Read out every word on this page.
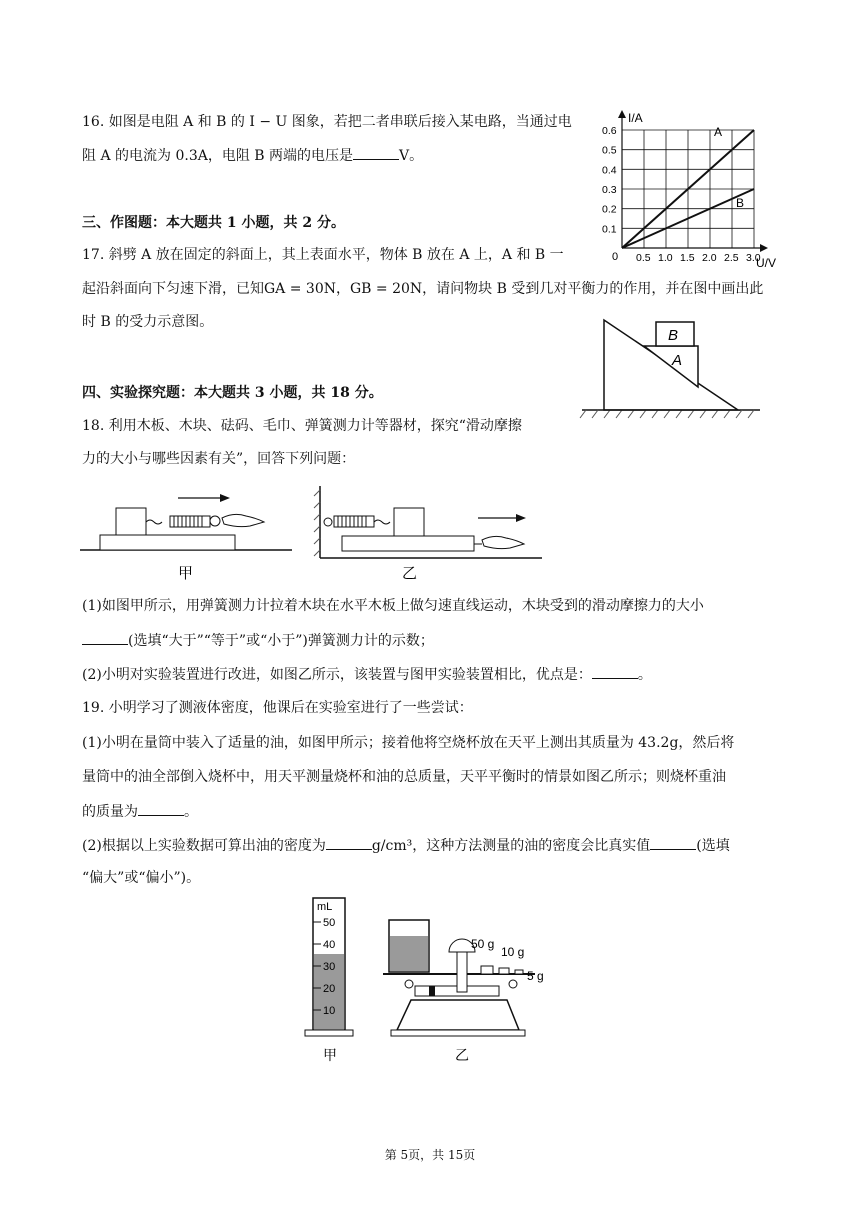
16. 如图是电阻 A 和 B 的 I − U 图象，若把二者串联后接入某电路，当通过电
阻 A 的电流为 0.3A，电阻 B 两端的电压是	V。
I/A
U/V
0 0.5 1.0 1.5 2.0 2.5 3.0
0.1
0.2
0.3
0.4
0.5
0.6	A
B
三、作图题：本大题共 1 小题，共 2 分。
17. 斜劈 A 放在固定的斜面上，其上表面水平，物体 B 放在 A 上，A 和 B 一
起沿斜面向下匀速下滑，已知GA = 30N，GB = 20N，请问物块 B 受到几对平衡力的作用，并在图中画出此
时 B 的受力示意图。
B
A
四、实验探究题：本大题共 3 小题，共 18 分。
18. 利用木板、木块、砝码、毛巾、弹簧测力计等器材，探究“滑动摩擦
力的大小与哪些因素有关”，回答下列问题：
甲	乙
(1)如图甲所示，用弹簧测力计拉着木块在水平木板上做匀速直线运动，木块受到的滑动摩擦力的大小
(选填“大于”“等于”或“小于”)弹簧测力计的示数；
(2)小明对实验装置进行改进，如图乙所示，该装置与图甲实验装置相比，优点是：	。
19. 小明学习了测液体密度，他课后在实验室进行了一些尝试：
(1)小明在量筒中装入了适量的油，如图甲所示；接着他将空烧杯放在天平上测出其质量为 43.2g，然后将
量筒中的油全部倒入烧杯中，用天平测量烧杯和油的总质量，天平平衡时的情景如图乙所示；则烧杯重油
的质量为	。
(2)根据以上实验数据可算出油的密度为	g/cm³，这种方法测量的油的密度会比真实值	(选填
“偏大”或“偏小”)。
mL
50
40
30
20
10
甲
50 g
10 g
5 g
乙
第 5页，共 15页
